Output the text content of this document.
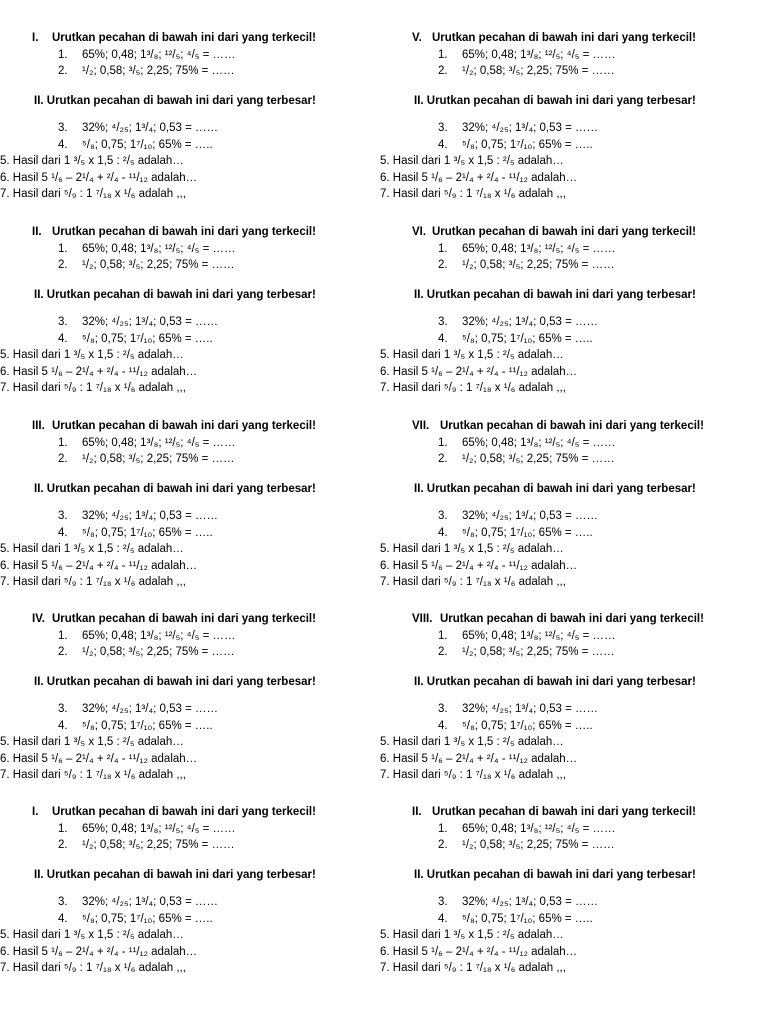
I. Urutkan pecahan di bawah ini dari yang terkecil!
1. 65%; 0,48; 1³/₈; ¹²/₅; ⁴/₅ = ……
2. ¹/₂; 0,58; ³/₅; 2,25; 75% = ……
II. Urutkan pecahan di bawah ini dari yang terbesar!
3. 32%; ⁴/₂₅; 1³/₄; 0,53 = ……
4. ⁵/₈; 0,75; 1⁷/₁₀; 65% = …..
5. Hasil dari 1 ³/₅ x 1,5 : ²/₅ adalah…
6. Hasil 5 ¹/₆ – 2¹/₄ + ²/₄ - ¹¹/₁₂ adalah…
7. Hasil dari ⁵/₉ : 1 ⁷/₁₈ x ¹/₆ adalah ,,,
V. Urutkan pecahan di bawah ini dari yang terkecil!
1. 65%; 0,48; 1³/₈; ¹²/₅; ⁴/₅ = ……
2. ¹/₂; 0,58; ³/₅; 2,25; 75% = ……
II. Urutkan pecahan di bawah ini dari yang terbesar!
3. 32%; ⁴/₂₅; 1³/₄; 0,53 = ……
4. ⁵/₈; 0,75; 1⁷/₁₀; 65% = …..
5. Hasil dari 1 ³/₅ x 1,5 : ²/₅ adalah…
6. Hasil 5 ¹/₆ – 2¹/₄ + ²/₄ - ¹¹/₁₂ adalah…
7. Hasil dari ⁵/₉ : 1 ⁷/₁₈ x ¹/₆ adalah ,,,
II. Urutkan pecahan di bawah ini dari yang terkecil!
1. 65%; 0,48; 1³/₈; ¹²/₅; ⁴/₅ = ……
2. ¹/₂; 0,58; ³/₅; 2,25; 75% = ……
II. Urutkan pecahan di bawah ini dari yang terbesar!
3. 32%; ⁴/₂₅; 1³/₄; 0,53 = ……
4. ⁵/₈; 0,75; 1⁷/₁₀; 65% = …..
5. Hasil dari 1 ³/₅ x 1,5 : ²/₅ adalah…
6. Hasil 5 ¹/₆ – 2¹/₄ + ²/₄ - ¹¹/₁₂ adalah…
7. Hasil dari ⁵/₉ : 1 ⁷/₁₈ x ¹/₆ adalah ,,,
VI. Urutkan pecahan di bawah ini dari yang terkecil!
1. 65%; 0,48; 1³/₈; ¹²/₅; ⁴/₅ = ……
2. ¹/₂; 0,58; ³/₅; 2,25; 75% = ……
II. Urutkan pecahan di bawah ini dari yang terbesar!
3. 32%; ⁴/₂₅; 1³/₄; 0,53 = ……
4. ⁵/₈; 0,75; 1⁷/₁₀; 65% = …..
5. Hasil dari 1 ³/₅ x 1,5 : ²/₅ adalah…
6. Hasil 5 ¹/₆ – 2¹/₄ + ²/₄ - ¹¹/₁₂ adalah…
7. Hasil dari ⁵/₉ : 1 ⁷/₁₈ x ¹/₆ adalah ,,,
III. Urutkan pecahan di bawah ini dari yang terkecil!
1. 65%; 0,48; 1³/₈; ¹²/₅; ⁴/₅ = ……
2. ¹/₂; 0,58; ³/₅; 2,25; 75% = ……
II. Urutkan pecahan di bawah ini dari yang terbesar!
3. 32%; ⁴/₂₅; 1³/₄; 0,53 = ……
4. ⁵/₈; 0,75; 1⁷/₁₀; 65% = …..
5. Hasil dari 1 ³/₅ x 1,5 : ²/₅ adalah…
6. Hasil 5 ¹/₆ – 2¹/₄ + ²/₄ - ¹¹/₁₂ adalah…
7. Hasil dari ⁵/₉ : 1 ⁷/₁₈ x ¹/₆ adalah ,,,
VII. Urutkan pecahan di bawah ini dari yang terkecil!
1. 65%; 0,48; 1³/₈; ¹²/₅; ⁴/₅ = ……
2. ¹/₂; 0,58; ³/₅; 2,25; 75% = ……
II. Urutkan pecahan di bawah ini dari yang terbesar!
3. 32%; ⁴/₂₅; 1³/₄; 0,53 = ……
4. ⁵/₈; 0,75; 1⁷/₁₀; 65% = …..
5. Hasil dari 1 ³/₅ x 1,5 : ²/₅ adalah…
6. Hasil 5 ¹/₆ – 2¹/₄ + ²/₄ - ¹¹/₁₂ adalah…
7. Hasil dari ⁵/₉ : 1 ⁷/₁₈ x ¹/₆ adalah ,,,
IV. Urutkan pecahan di bawah ini dari yang terkecil!
1. 65%; 0,48; 1³/₈; ¹²/₅; ⁴/₅ = ……
2. ¹/₂; 0,58; ³/₅; 2,25; 75% = ……
II. Urutkan pecahan di bawah ini dari yang terbesar!
3. 32%; ⁴/₂₅; 1³/₄; 0,53 = ……
4. ⁵/₈; 0,75; 1⁷/₁₀; 65% = …..
5. Hasil dari 1 ³/₅ x 1,5 : ²/₅ adalah…
6. Hasil 5 ¹/₆ – 2¹/₄ + ²/₄ - ¹¹/₁₂ adalah…
7. Hasil dari ⁵/₉ : 1 ⁷/₁₈ x ¹/₆ adalah ,,,
VIII. Urutkan pecahan di bawah ini dari yang terkecil!
1. 65%; 0,48; 1³/₈; ¹²/₅; ⁴/₅ = ……
2. ¹/₂; 0,58; ³/₅; 2,25; 75% = ……
II. Urutkan pecahan di bawah ini dari yang terbesar!
3. 32%; ⁴/₂₅; 1³/₄; 0,53 = ……
4. ⁵/₈; 0,75; 1⁷/₁₀; 65% = …..
5. Hasil dari 1 ³/₅ x 1,5 : ²/₅ adalah…
6. Hasil 5 ¹/₆ – 2¹/₄ + ²/₄ - ¹¹/₁₂ adalah…
7. Hasil dari ⁵/₉ : 1 ⁷/₁₈ x ¹/₆ adalah ,,,
I. Urutkan pecahan di bawah ini dari yang terkecil!
1. 65%; 0,48; 1³/₈; ¹²/₅; ⁴/₅ = ……
2. ¹/₂; 0,58; ³/₅; 2,25; 75% = ……
II. Urutkan pecahan di bawah ini dari yang terbesar!
3. 32%; ⁴/₂₅; 1³/₄; 0,53 = ……
4. ⁵/₈; 0,75; 1⁷/₁₀; 65% = …..
5. Hasil dari 1 ³/₅ x 1,5 : ²/₅ adalah…
6. Hasil 5 ¹/₆ – 2¹/₄ + ²/₄ - ¹¹/₁₂ adalah…
7. Hasil dari ⁵/₉ : 1 ⁷/₁₈ x ¹/₆ adalah ,,,
II. Urutkan pecahan di bawah ini dari yang terkecil!
1. 65%; 0,48; 1³/₈; ¹²/₅; ⁴/₅ = ……
2. ¹/₂; 0,58; ³/₅; 2,25; 75% = ……
II. Urutkan pecahan di bawah ini dari yang terbesar!
3. 32%; ⁴/₂₅; 1³/₄; 0,53 = ……
4. ⁵/₈; 0,75; 1⁷/₁₀; 65% = …..
5. Hasil dari 1 ³/₅ x 1,5 : ²/₅ adalah…
6. Hasil 5 ¹/₆ – 2¹/₄ + ²/₄ - ¹¹/₁₂ adalah…
7. Hasil dari ⁵/₉ : 1 ⁷/₁₈ x ¹/₆ adalah ,,,
